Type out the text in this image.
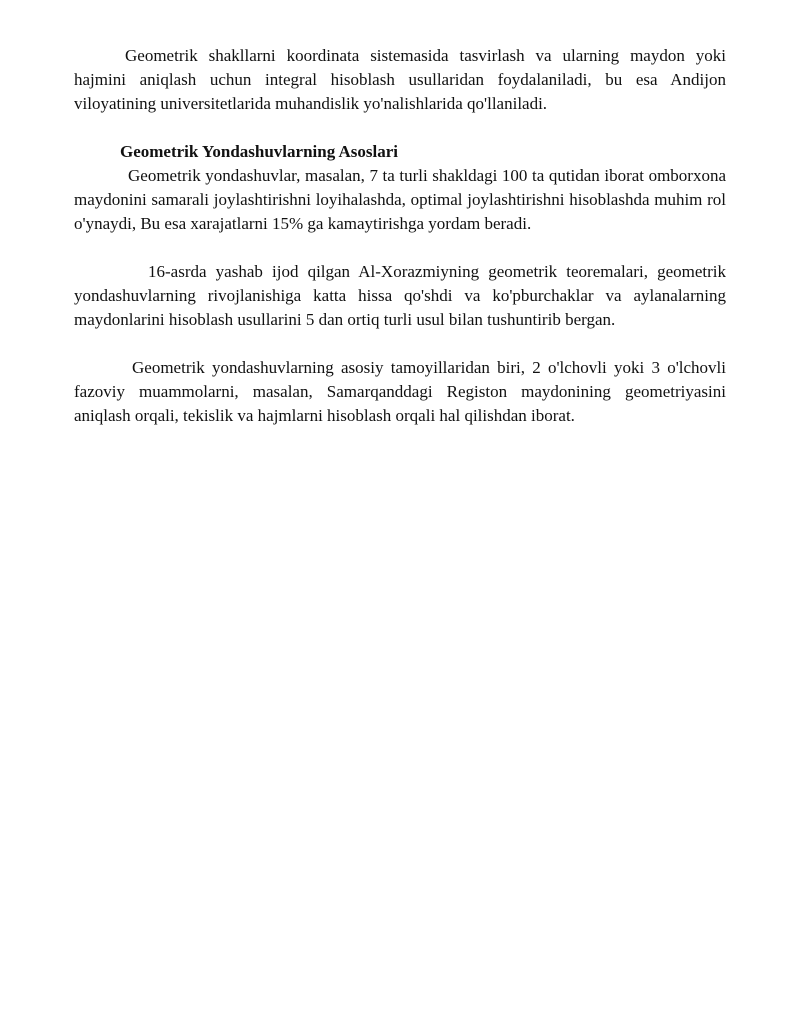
Geometrik shakllarni koordinata sistemasida tasvirlash va ularning maydon yoki hajmini aniqlash uchun integral hisoblash usullaridan foydalaniladi, bu esa Andijon viloyatining universitetlarida muhandislik yo'nalishlarida qo'llaniladi.

Geometrik Yondashuvlarning Asoslari

Geometrik yondashuvlar, masalan, 7 ta turli shakldagi 100 ta qutidan iborat omborxona maydonini samarali joylashtirishni loyihalashda, optimal joylashtirishni hisoblashda muhim rol o'ynaydi, Bu esa xarajatlarni 15% ga kamaytirishga yordam beradi.

16-asrda yashab ijod qilgan Al-Xorazmiyning geometrik teoremalari, geometrik yondashuvlarning rivojlanishiga katta hissa qo'shdi va ko'pburchaklar va aylanalarning maydonlarini hisoblash usullarini 5 dan ortiq turli usul bilan tushuntirib bergan.

Geometrik yondashuvlarning asosiy tamoyillaridan biri, 2 o'lchovli yoki 3 o'lchovli fazoviy muammolarni, masalan, Samarqanddagi Registon maydonining geometriyasini aniqlash orqali, tekislik va hajmlarni hisoblash orqali hal qilishdan iborat.
